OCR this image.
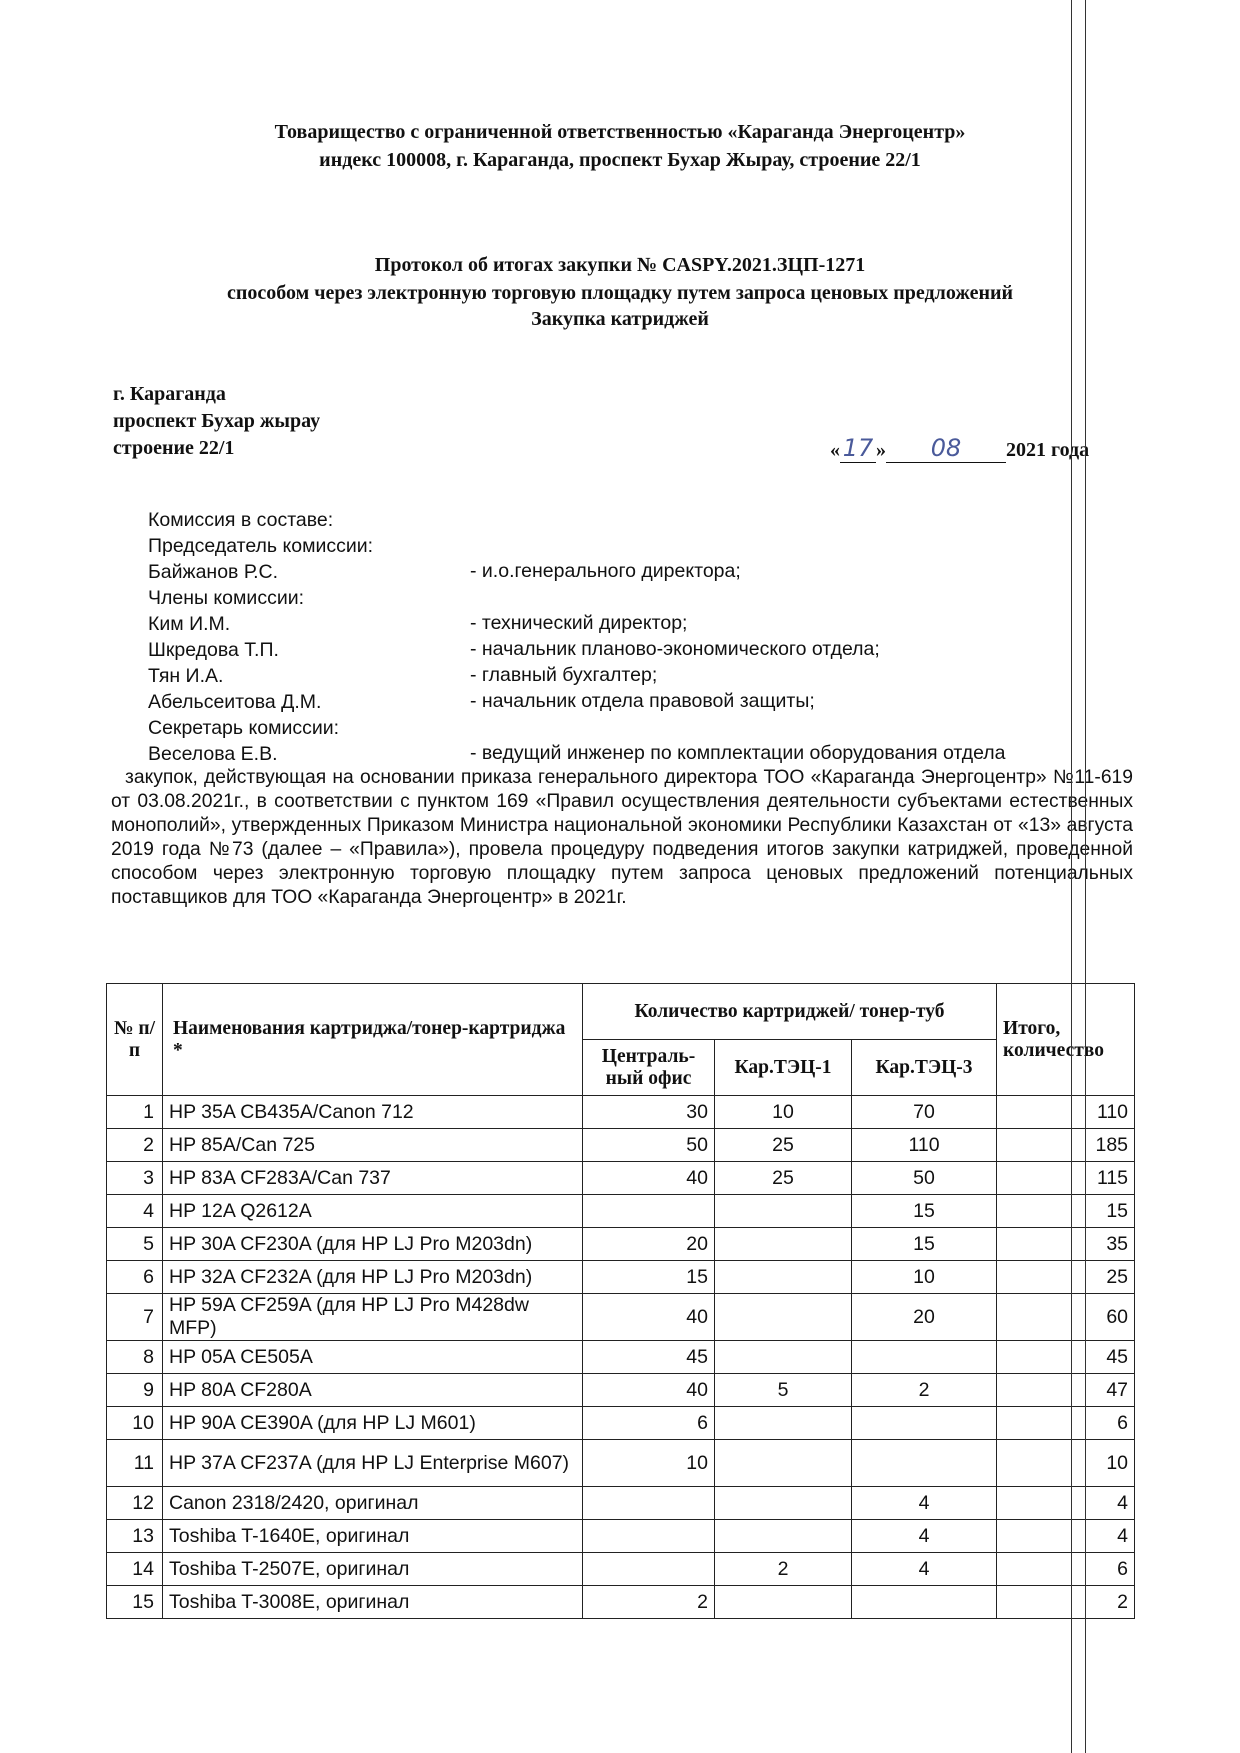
Товарищество с ограниченной ответственностью «Караганда Энергоцентр»
индекс 100008, г. Караганда, проспект Бухар Жырау, строение 22/1
Протокол об итогах закупки № CASPY.2021.ЗЦП-1271
способом через электронную торговую площадку путем запроса ценовых предложений
Закупка катриджей
г. Караганда
проспект Бухар жырау
строение 22/1	« 17 » 08 2021 года
Комиссия в составе:
Председатель комиссии:
Байжанов Р.С.	- и.о.генерального директора;
Члены комиссии:
Ким И.М.	- технический директор;
Шкредова Т.П.	- начальник планово-экономического отдела;
Тян И.А.	- главный бухгалтер;
Абельсеитова Д.М.	- начальник отдела правовой защиты;
Секретарь комиссии:
Веселова Е.В.	- ведущий инженер по комплектации оборудования отдела
закупок, действующая на основании приказа генерального директора ТОО «Караганда Энергоцентр» №11-619 от 03.08.2021г., в соответствии с пунктом 169 «Правил осуществления деятельности субъектами естественных монополий», утвержденных Приказом Министра национальной экономики Республики Казахстан от «13» августа 2019 года №73 (далее – «Правила»), провела процедуру подведения итогов закупки катриджей, проведенной способом через электронную торговую площадку путем запроса ценовых предложений потенциальных поставщиков для ТОО «Караганда Энергоцентр» в 2021г.
№ п/п	Наименования картриджа/тонер-картриджа *	Количество картриджей/ тонер-туб			Итого, количество
		Централь-ный офис	Кар.ТЭЦ-1	Кар.ТЭЦ-3	
1	HP 35A CB435A/Canon 712	30	10	70	110
2	HP 85A/Can 725	50	25	110	185
3	HP 83A CF283A/Can 737	40	25	50	115
4	HP 12A Q2612A			15	15
5	HP 30A CF230A (для HP LJ Pro M203dn)	20		15	35
6	HP 32A CF232A (для HP LJ Pro M203dn)	15		10	25
7	HP 59A CF259A (для HP LJ Pro M428dw MFP)	40		20	60
8	HP 05A CE505A	45			45
9	HP 80A CF280A	40	5	2	47
10	HP 90A CE390A (для HP LJ M601)	6			6
11	HP 37A CF237A (для HP LJ Enterprise M607)	10			10
12	Canon 2318/2420, оригинал			4	4
13	Toshiba T-1640E, оригинал			4	4
14	Toshiba T-2507E, оригинал		2	4	6
15	Toshiba T-3008E, оригинал	2			2
